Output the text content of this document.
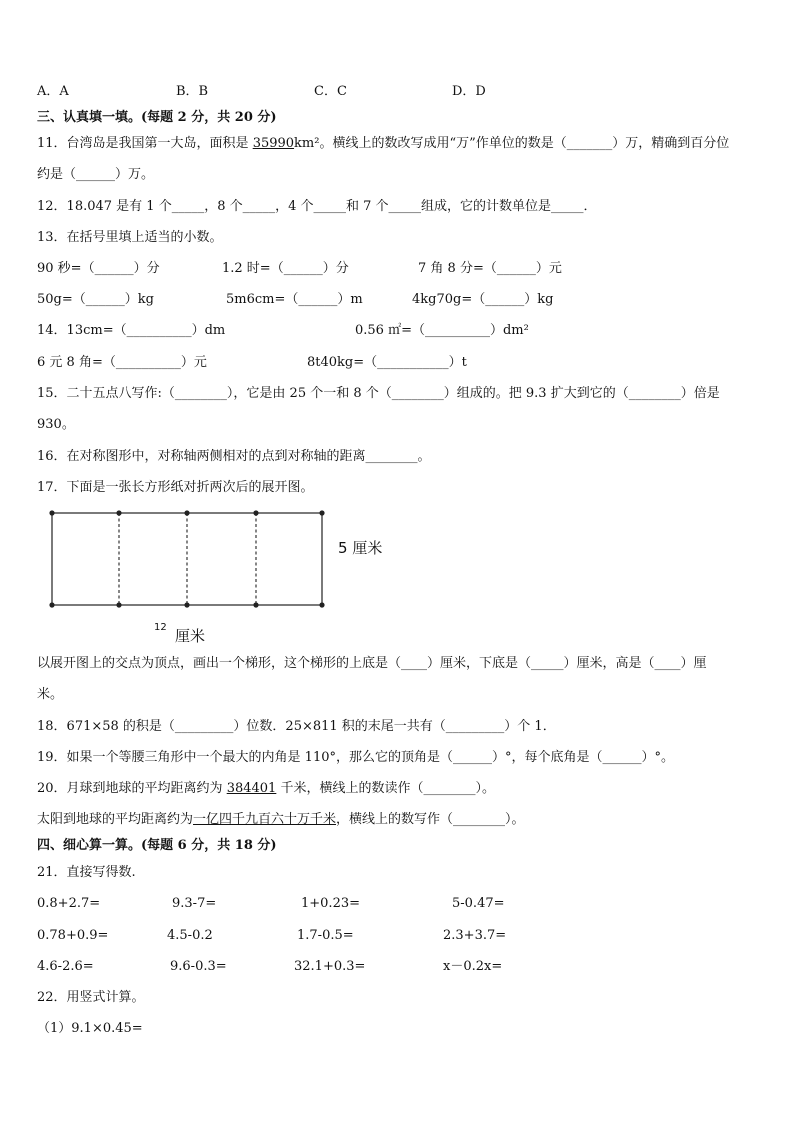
A．A	B．B	C．C	D．D
三、认真填一填。(每题 2 分，共 20 分)
11．台湾岛是我国第一大岛，面积是 35990km²。横线上的数改写成用“万”作单位的数是（_______）万，精确到百分位
约是（______）万。
12．18.047 是有 1 个_____，8 个_____，4 个_____和 7 个_____组成，它的计数单位是_____．
13．在括号里填上适当的小数。
90 秒=（______）分	1.2 时=（______）分	7 角 8 分=（______）元
50g=（______）kg	5m6cm=（______）m	4kg70g=（______）kg
14．13cm=（__________）dm	0.56 ㎡=（__________）dm²
6 元 8 角=（__________）元	8t40kg=（___________）t
15．二十五点八写作:（________），它是由 25 个一和 8 个（________）组成的。把 9.3 扩大到它的（________）倍是
930。
16．在对称图形中，对称轴两侧相对的点到对称轴的距离________。
17．下面是一张长方形纸对折两次后的展开图。
5 厘米
12 厘米
以展开图上的交点为顶点，画出一个梯形，这个梯形的上底是（____）厘米，下底是（_____）厘米，高是（____）厘
米。
18．671×58 的积是（_________）位数．25×811 积的末尾一共有（_________）个 1．
19．如果一个等腰三角形中一个最大的内角是 110°，那么它的顶角是（______）°，每个底角是（______）°。
20．月球到地球的平均距离约为 384401 千米，横线上的数读作（________）。
太阳到地球的平均距离约为一亿四千九百六十万千米，横线上的数写作（________）。
四、细心算一算。(每题 6 分，共 18 分)
21．直接写得数.
0.8+2.7=	9.3-7=	1+0.23=	5-0.47=
0.78+0.9=	4.5-0.2	1.7-0.5=	2.3+3.7=
4.6-2.6=	9.6-0.3=	32.1+0.3=	x－0.2x=
22．用竖式计算。
（1）9.1×0.45=
